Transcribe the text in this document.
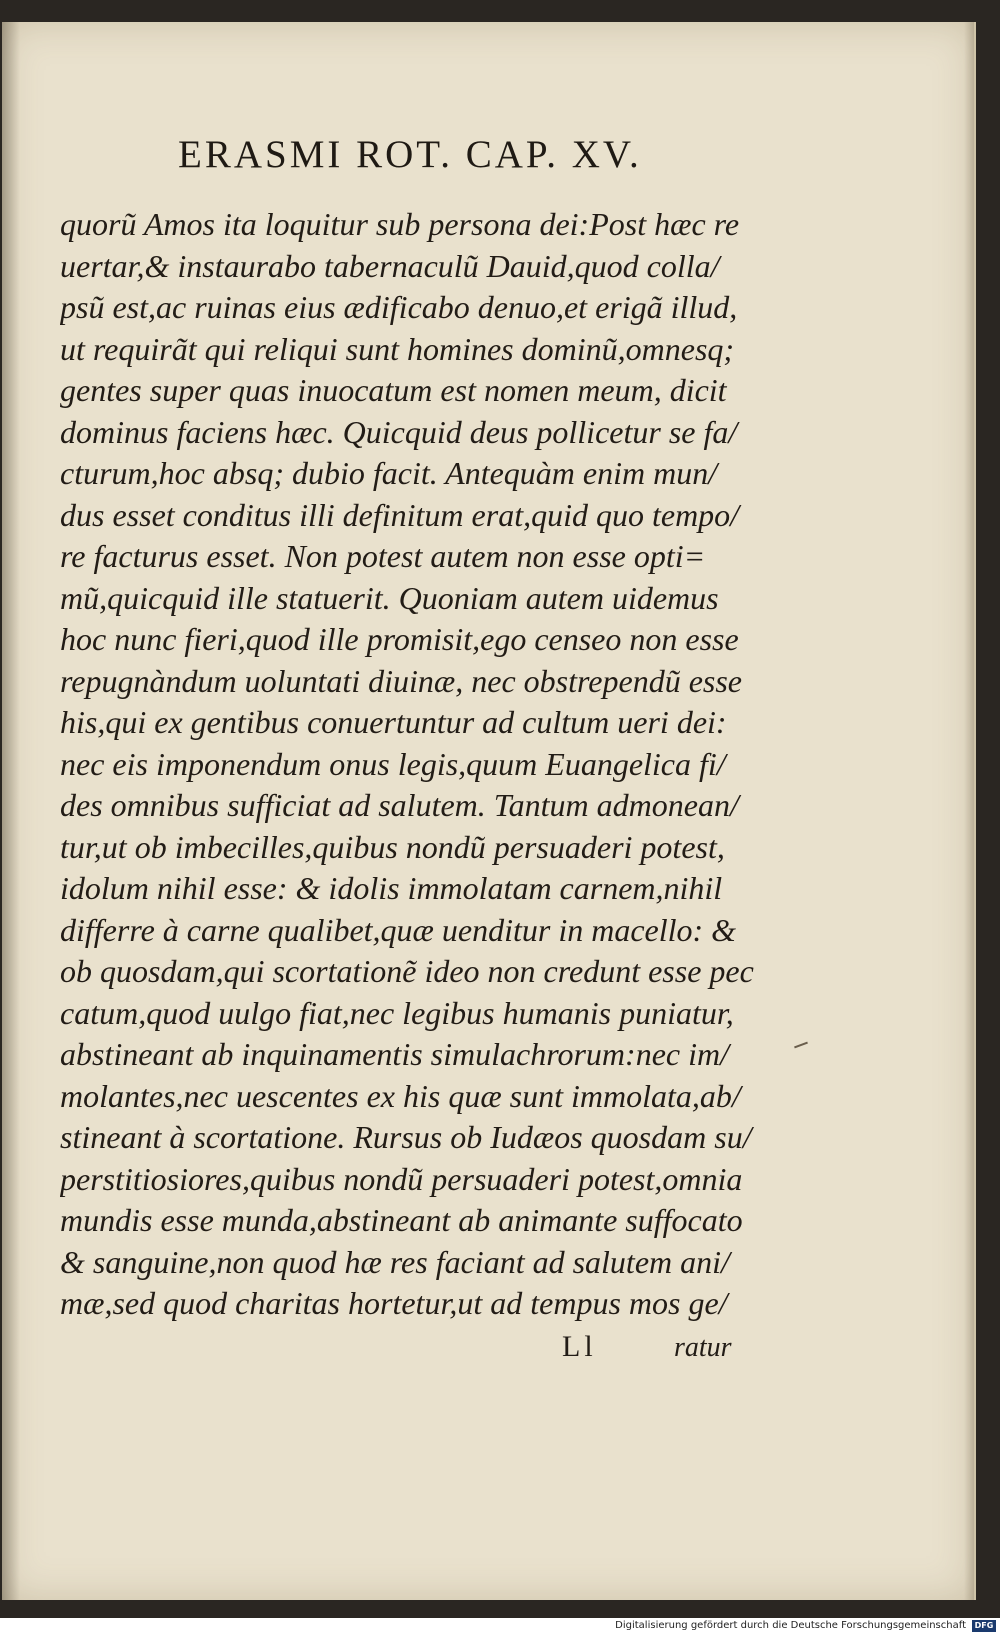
ERASMI ROT. CAP. XV.
quorũ Amos ita loquitur sub persona dei:Post hæc re
uertar,& instaurabo tabernaculũ Dauid,quod colla/
psũ est,ac ruinas eius ædificabo denuo,et erigã illud,
ut requirãt qui reliqui sunt homines dominũ,omnesq;
gentes super quas inuocatum est nomen meum, dicit
dominus faciens hæc. Quicquid deus pollicetur se fa/
cturum,hoc absq; dubio facit. Antequàm enim mun/
dus esset conditus illi definitum erat,quid quo tempo/
re facturus esset. Non potest autem non esse opti=
mũ,quicquid ille statuerit. Quoniam autem uidemus
hoc nunc fieri,quod ille promisit,ego censeo non esse
repugnàndum uoluntati diuinæ, nec obstrependũ esse
his,qui ex gentibus conuertuntur ad cultum ueri dei:
nec eis imponendum onus legis,quum Euangelica fi/
des omnibus sufficiat ad salutem. Tantum admonean/
tur,ut ob imbecilles,quibus nondũ persuaderi potest,
idolum nihil esse: & idolis immolatam carnem,nihil
differre à carne qualibet,quæ uenditur in macello: &
ob quosdam,qui scortationẽ ideo non credunt esse pec
catum,quod uulgo fiat,nec legibus humanis puniatur,
abstineant ab inquinamentis simulachrorum:nec im/
molantes,nec uescentes ex his quæ sunt immolata,ab/
stineant à scortatione. Rursus ob Iudæos quosdam su/
perstitiosiores,quibus nondũ persuaderi potest,omnia
mundis esse munda,abstineant ab animante suffocato
& sanguine,non quod hæ res faciant ad salutem ani/
mæ,sed quod charitas hortetur,ut ad tempus mos ge/
Ll	ratur
Digitalisierung gefördert durch die Deutsche Forschungsgemeinschaft	DFG
